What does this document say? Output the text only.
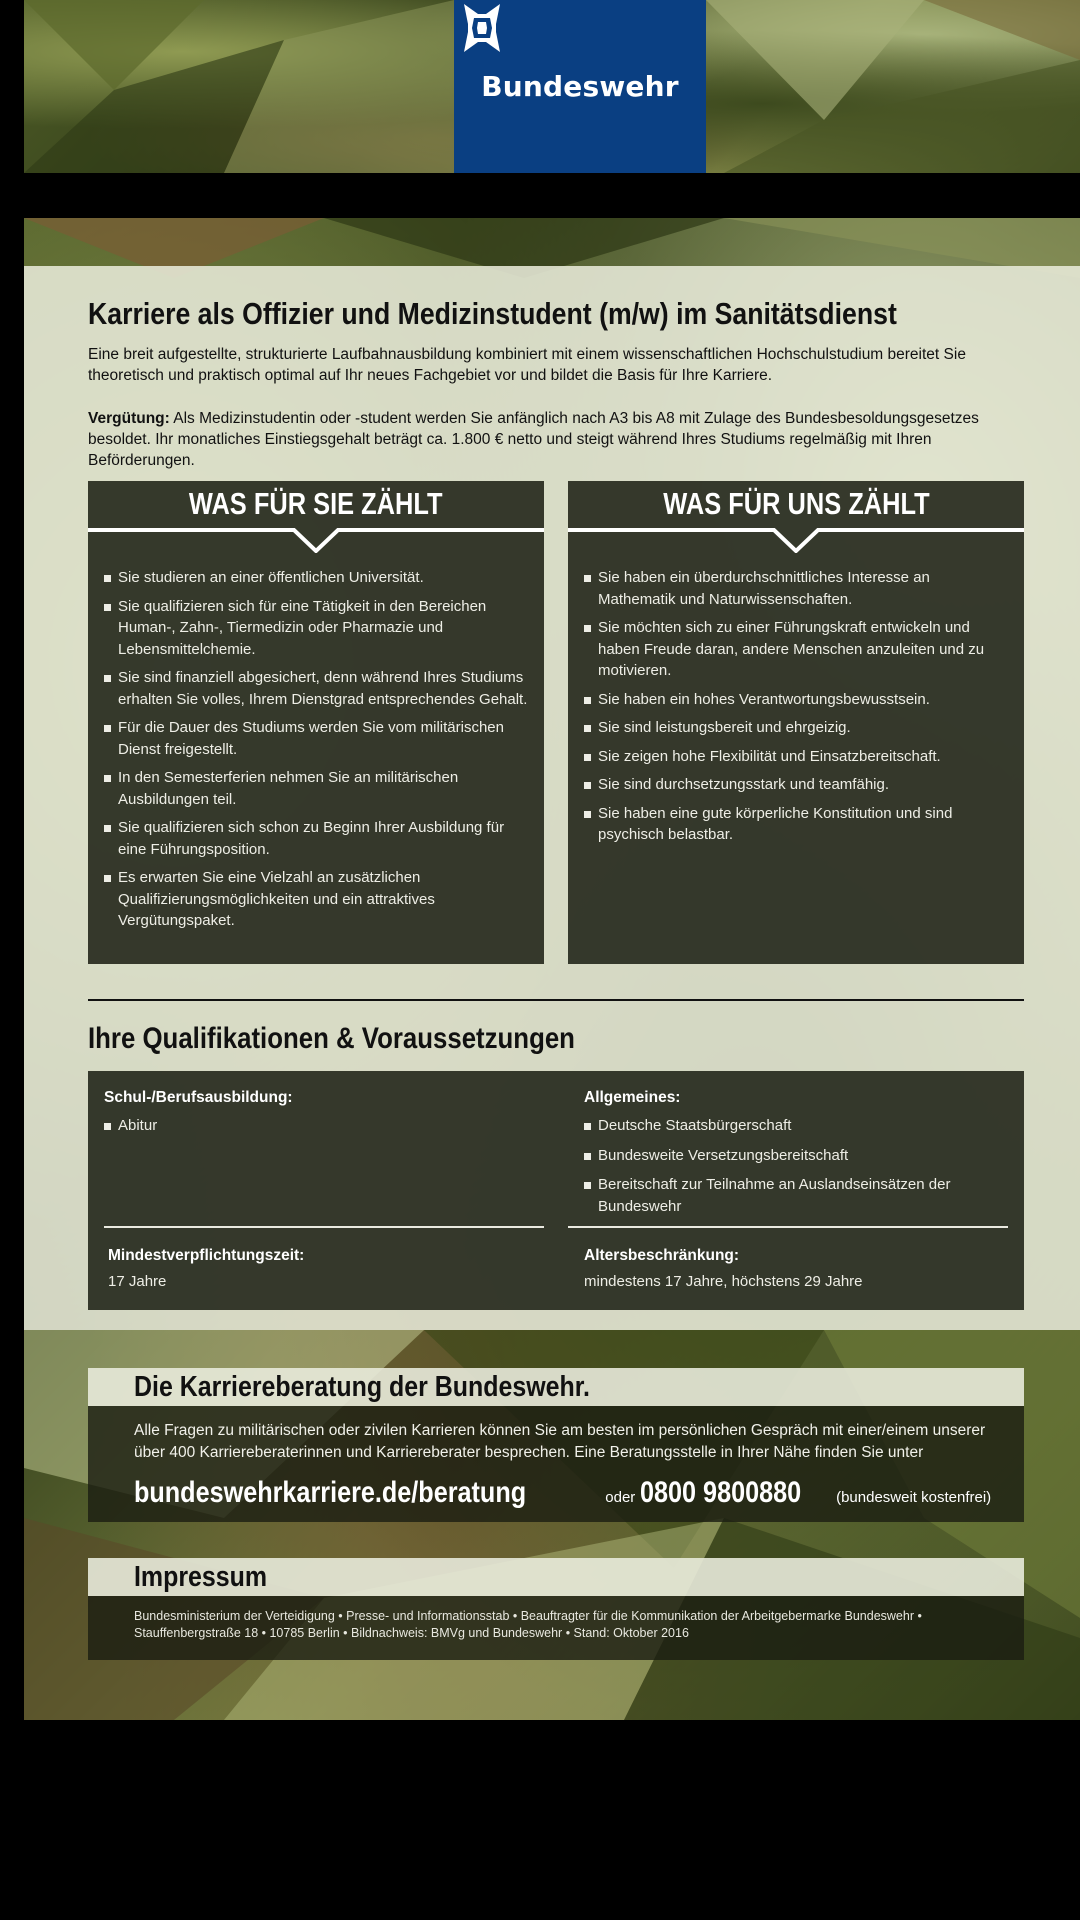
Bundeswehr
Karriere als Offizier und Medizinstudent (m/w) im Sanitätsdienst
Eine breit aufgestellte, strukturierte Laufbahnausbildung kombiniert mit einem wissenschaftlichen Hochschulstudium bereitet Sie theoretisch und praktisch optimal auf Ihr neues Fachgebiet vor und bildet die Basis für Ihre Karriere.
Vergütung: Als Medizinstudentin oder -student werden Sie anfänglich nach A3 bis A8 mit Zulage des Bundesbesoldungsgesetzes besoldet. Ihr monatliches Einstiegsgehalt beträgt ca. 1.800 € netto und steigt während Ihres Studiums regelmäßig mit Ihren Beförderungen.
WAS FÜR SIE ZÄHLT
Sie studieren an einer öffentlichen Universität.
Sie qualifizieren sich für eine Tätigkeit in den Bereichen Human-, Zahn-, Tiermedizin oder Pharmazie und Lebensmittelchemie.
Sie sind finanziell abgesichert, denn während Ihres Studiums erhalten Sie volles, Ihrem Dienstgrad entsprechendes Gehalt.
Für die Dauer des Studiums werden Sie vom militärischen Dienst freigestellt.
In den Semesterferien nehmen Sie an militärischen Ausbildungen teil.
Sie qualifizieren sich schon zu Beginn Ihrer Ausbildung für eine Führungsposition.
Es erwarten Sie eine Vielzahl an zusätzlichen Qualifizierungsmöglichkeiten und ein attraktives Vergütungspaket.
WAS FÜR UNS ZÄHLT
Sie haben ein überdurchschnittliches Interesse an Mathematik und Naturwissenschaften.
Sie möchten sich zu einer Führungskraft entwickeln und haben Freude daran, andere Menschen anzuleiten und zu motivieren.
Sie haben ein hohes Verantwortungsbewusstsein.
Sie sind leistungsbereit und ehrgeizig.
Sie zeigen hohe Flexibilität und Einsatzbereitschaft.
Sie sind durchsetzungsstark und teamfähig.
Sie haben eine gute körperliche Konstitution und sind psychisch belastbar.
Ihre Qualifikationen & Voraussetzungen
Schul-/Berufsausbildung:
Abitur
Allgemeines:
Deutsche Staatsbürgerschaft
Bundesweite Versetzungsbereitschaft
Bereitschaft zur Teilnahme an Auslandseinsätzen der Bundeswehr
Mindestverpflichtungszeit:
17 Jahre
Altersbeschränkung:
mindestens 17 Jahre, höchstens 29 Jahre
Die Karriereberatung der Bundeswehr.
Alle Fragen zu militärischen oder zivilen Karrieren können Sie am besten im persönlichen Gespräch mit einer/einem unserer über 400 Karriereberaterinnen und Karriereberater besprechen. Eine Beratungsstelle in Ihrer Nähe finden Sie unter
bundeswehrkarriere.de/beratung	oder 0800 9800880 (bundesweit kostenfrei)
Impressum
Bundesministerium der Verteidigung • Presse- und Informationsstab • Beauftragter für die Kommunikation der Arbeitgebermarke Bundeswehr • Stauffenbergstraße 18 • 10785 Berlin • Bildnachweis: BMVg und Bundeswehr • Stand: Oktober 2016
